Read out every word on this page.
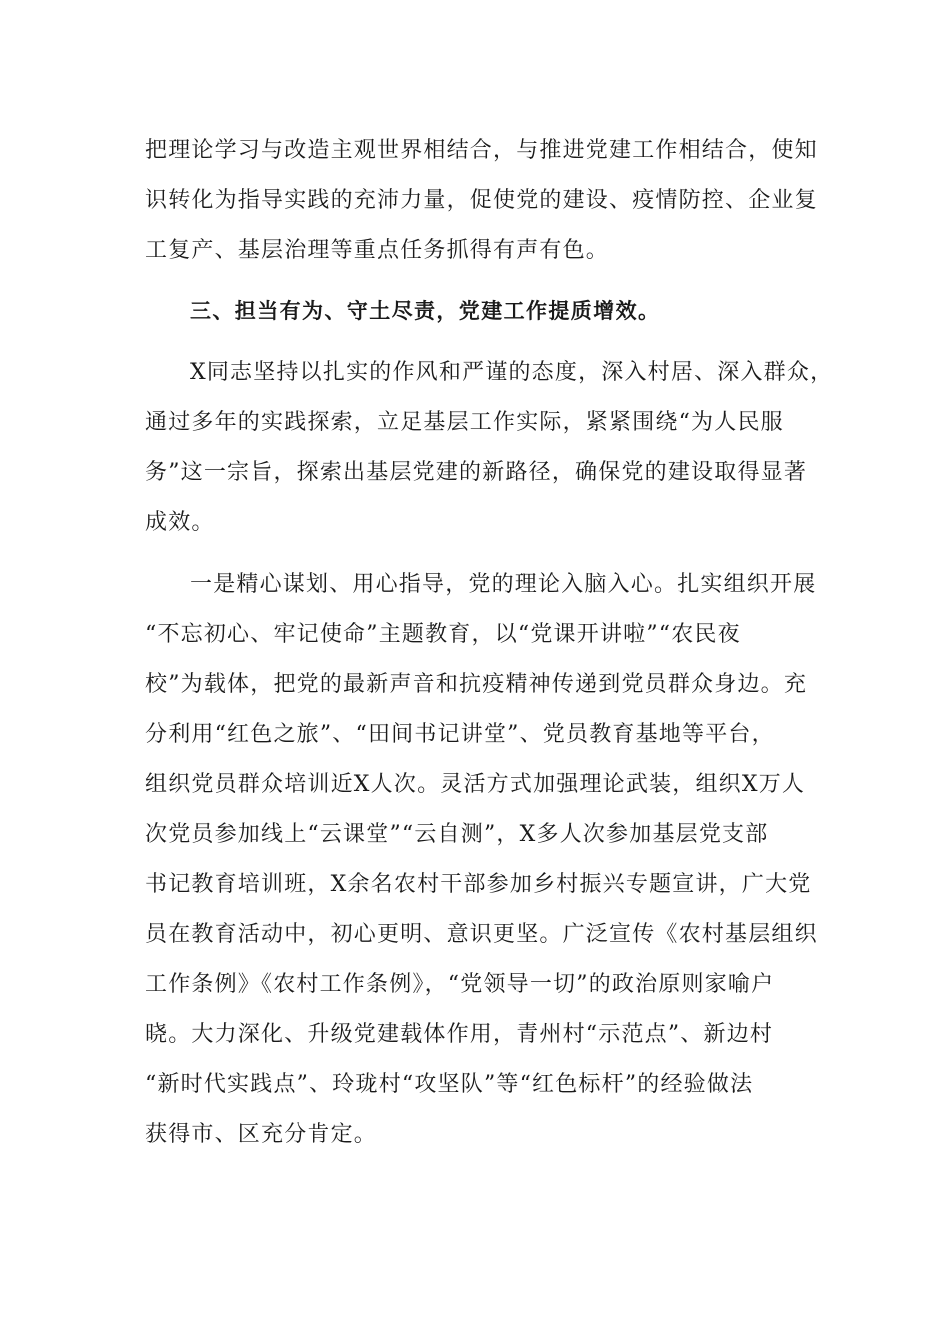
把理论学习与改造主观世界相结合，与推进党建工作相结合，使知

识转化为指导实践的充沛力量，促使党的建设、疫情防控、企业复

工复产、基层治理等重点任务抓得有声有色。

三、担当有为、守土尽责，党建工作提质增效。

X同志坚持以扎实的作风和严谨的态度，深入村居、深入群众，

通过多年的实践探索，立足基层工作实际，紧紧围绕“为人民服

务”这一宗旨，探索出基层党建的新路径，确保党的建设取得显著

成效。

一是精心谋划、用心指导，党的理论入脑入心。扎实组织开展

“不忘初心、牢记使命”主题教育，以“党课开讲啦”“农民夜

校”为载体，把党的最新声音和抗疫精神传递到党员群众身边。充

分利用“红色之旅”、“田间书记讲堂”、党员教育基地等平台，

组织党员群众培训近X人次。灵活方式加强理论武装，组织X万人

次党员参加线上“云课堂”“云自测”，X多人次参加基层党支部

书记教育培训班，X余名农村干部参加乡村振兴专题宣讲，广大党

员在教育活动中，初心更明、意识更坚。广泛宣传《农村基层组织

工作条例》《农村工作条例》，“党领导一切”的政治原则家喻户

晓。大力深化、升级党建载体作用，青州村“示范点”、新边村

“新时代实践点”、玲珑村“攻坚队”等“红色标杆”的经验做法

获得市、区充分肯定。
